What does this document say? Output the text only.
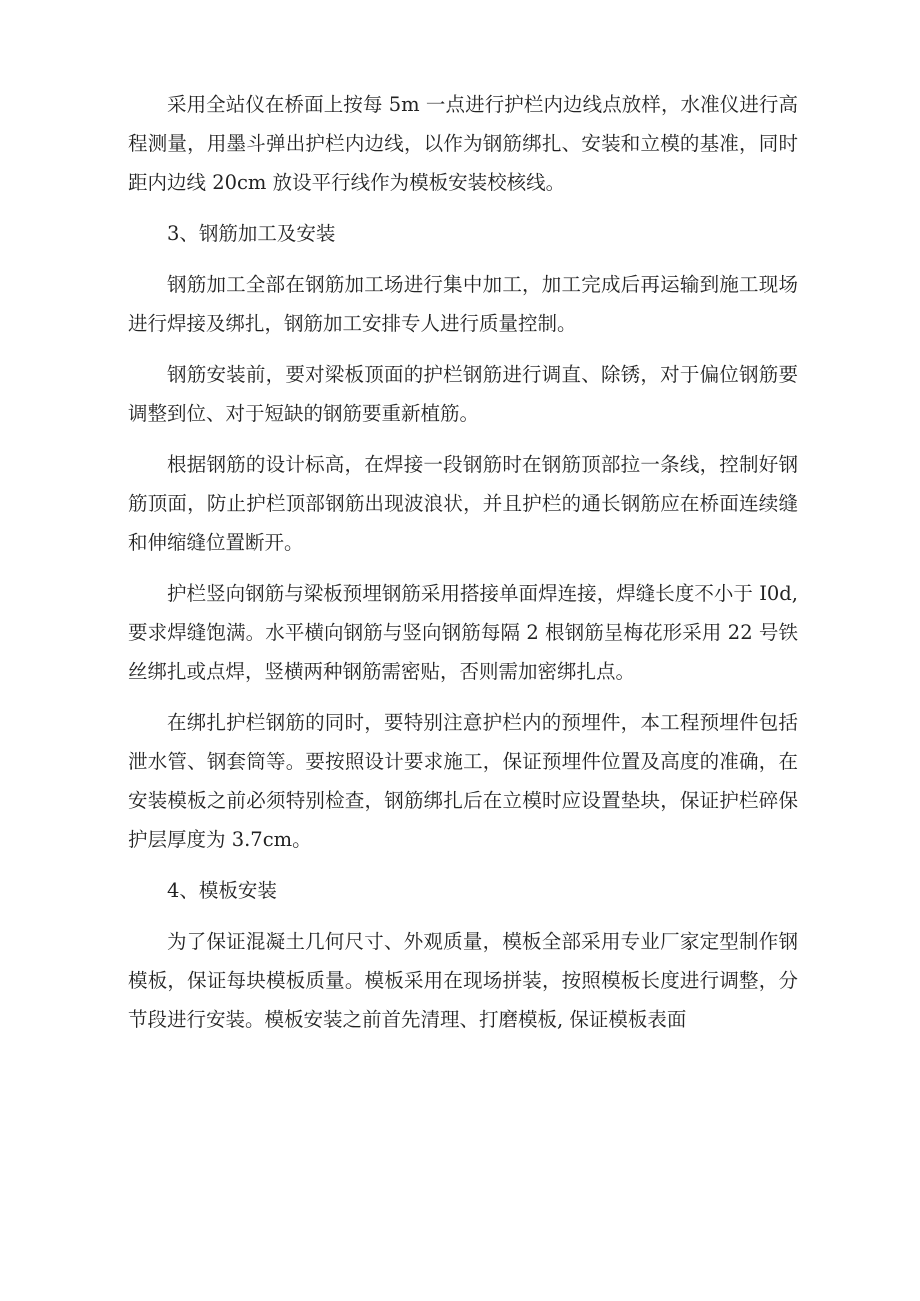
采用全站仪在桥面上按每 5m 一点进行护栏内边线点放样，水准仪进行高程测量，用墨斗弹出护栏内边线，以作为钢筋绑扎、安装和立模的基准，同时距内边线 20cm 放设平行线作为模板安装校核线。

3、钢筋加工及安装

钢筋加工全部在钢筋加工场进行集中加工，加工完成后再运输到施工现场进行焊接及绑扎，钢筋加工安排专人进行质量控制。

钢筋安装前，要对梁板顶面的护栏钢筋进行调直、除锈，对于偏位钢筋要调整到位、对于短缺的钢筋要重新植筋。

根据钢筋的设计标高，在焊接一段钢筋时在钢筋顶部拉一条线，控制好钢筋顶面，防止护栏顶部钢筋出现波浪状，并且护栏的通长钢筋应在桥面连续缝和伸缩缝位置断开。

护栏竖向钢筋与梁板预埋钢筋采用搭接单面焊连接，焊缝长度不小于 I0d, 要求焊缝饱满。水平横向钢筋与竖向钢筋每隔 2 根钢筋呈梅花形采用 22 号铁丝绑扎或点焊，竖横两种钢筋需密贴，否则需加密绑扎点。

在绑扎护栏钢筋的同时，要特别注意护栏内的预埋件，本工程预埋件包括泄水管、钢套筒等。要按照设计要求施工，保证预埋件位置及高度的准确，在安装模板之前必须特别检查，钢筋绑扎后在立模时应设置垫块，保证护栏碎保护层厚度为 3.7cm。

4、模板安装

为了保证混凝土几何尺寸、外观质量，模板全部采用专业厂家定型制作钢模板，保证每块模板质量。模板采用在现场拼装，按照模板长度进行调整，分节段进行安装。模板安装之前首先清理、打磨模板, 保证模板表面
